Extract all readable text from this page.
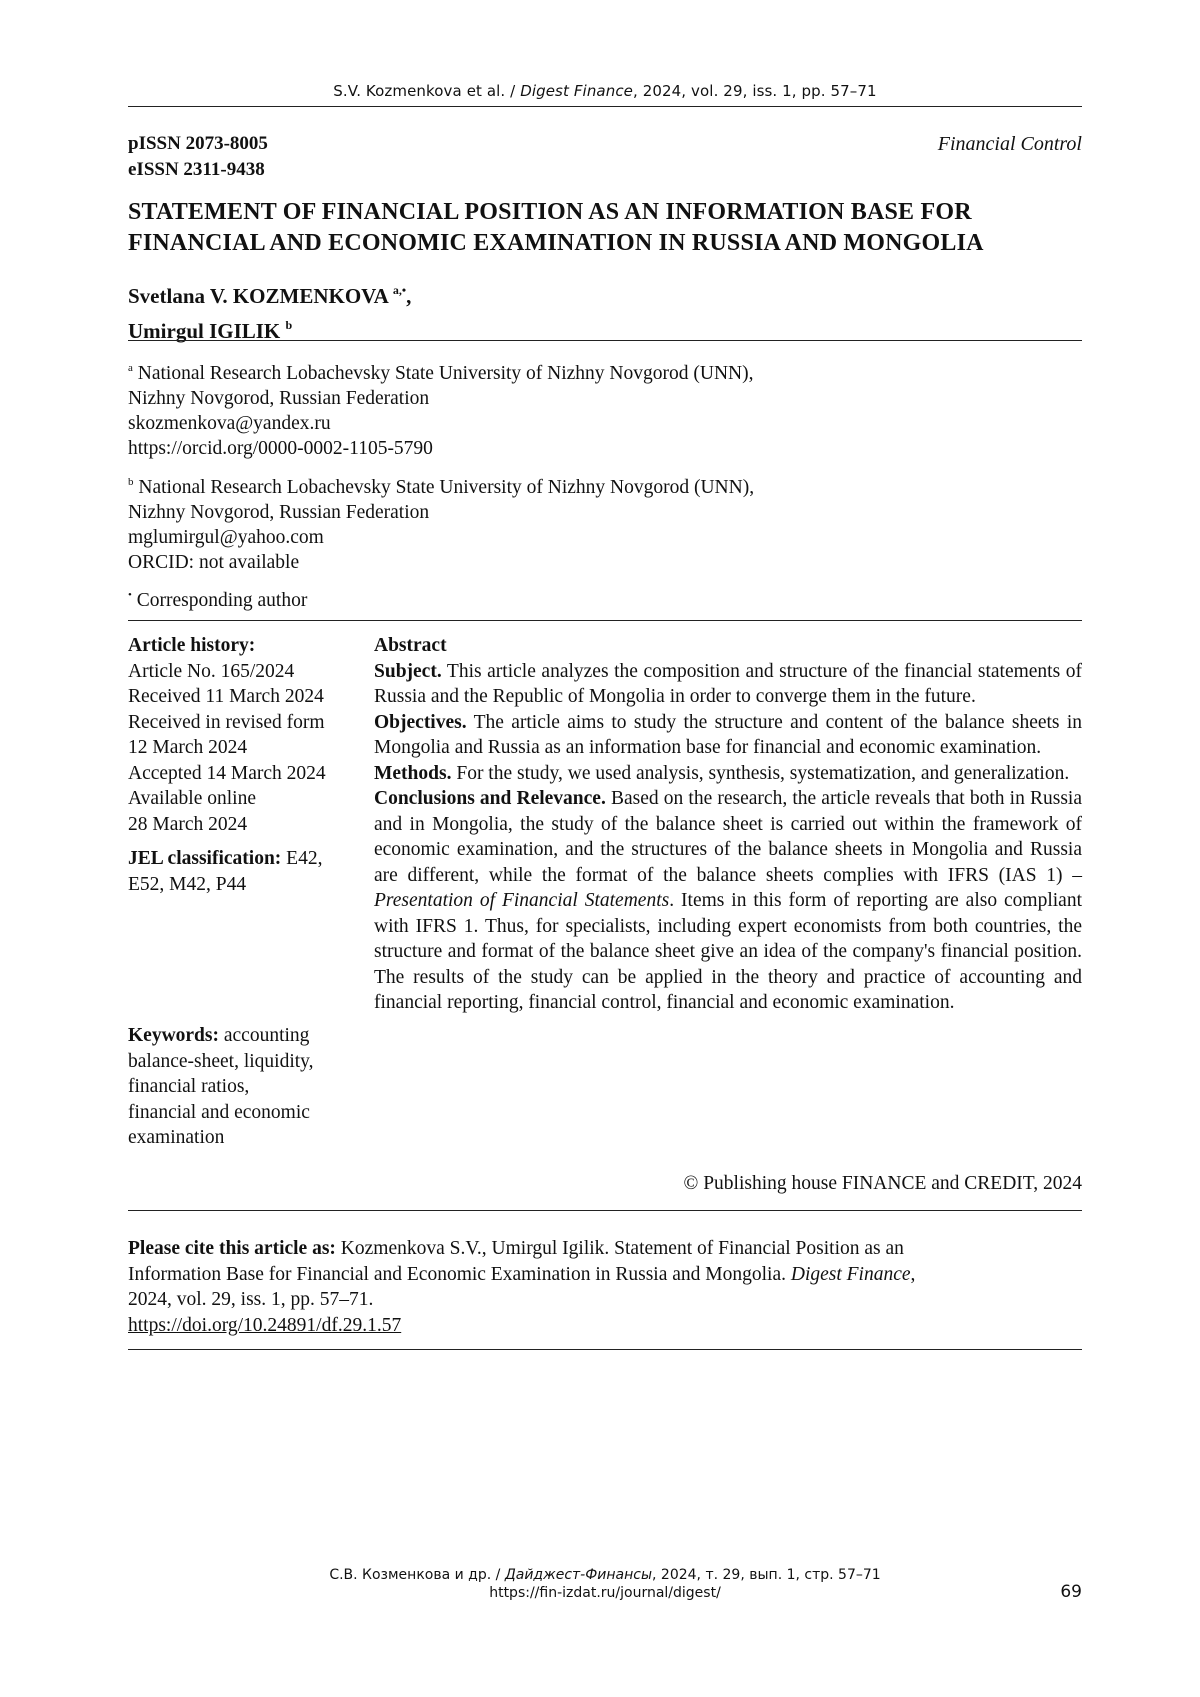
S.V. Kozmenkova et al. / Digest Finance, 2024, vol. 29, iss. 1, pp. 57–71
pISSN 2073-8005
eISSN 2311-9438
Financial Control
STATEMENT OF FINANCIAL POSITION AS AN INFORMATION BASE FOR
FINANCIAL AND ECONOMIC EXAMINATION IN RUSSIA AND MONGOLIA
Svetlana V. KOZMENKOVA $^{a,•}$,
Umirgul IGILIK $^b$
$^a$ National Research Lobachevsky State University of Nizhny Novgorod (UNN),
Nizhny Novgorod, Russian Federation
skozmenkova@yandex.ru
https://orcid.org/0000-0002-1105-5790
$^b$ National Research Lobachevsky State University of Nizhny Novgorod (UNN),
Nizhny Novgorod, Russian Federation
mglumirgul@yahoo.com
ORCID: not available
• Corresponding author
Article history:
Article No. 165/2024
Received 11 March 2024
Received in revised form
12 March 2024
Accepted 14 March 2024
Available online
28 March 2024
JEL classification: E42,
E52, M42, P44
Keywords: accounting
balance-sheet, liquidity,
financial ratios,
financial and economic
examination
Abstract

Subject. This article analyzes the composition and structure of the financial statements of Russia and the Republic of Mongolia in order to converge them in the future.

Objectives. The article aims to study the structure and content of the balance sheets in Mongolia and Russia as an information base for financial and economic examination.

Methods. For the study, we used analysis, synthesis, systematization, and generalization.

Conclusions and Relevance. Based on the research, the article reveals that both in Russia and in Mongolia, the study of the balance sheet is carried out within the framework of economic examination, and the structures of the balance sheets in Mongolia and Russia are different, while the format of the balance sheets complies with IFRS (IAS 1) – Presentation of Financial Statements. Items in this form of reporting are also compliant with IFRS 1. Thus, for specialists, including expert economists from both countries, the structure and format of the balance sheet give an idea of the company's financial position. The results of the study can be applied in the theory and practice of accounting and financial reporting, financial control, financial and economic examination.

© Publishing house FINANCE and CREDIT, 2024
Please cite this article as: Kozmenkova S.V., Umirgul Igilik. Statement of Financial Position as an
Information Base for Financial and Economic Examination in Russia and Mongolia. Digest Finance,
2024, vol. 29, iss. 1, pp. 57–71.
https://doi.org/10.24891/df.29.1.57
С.В. Козменкова и др. / Дайджест-Финансы, 2024, т. 29, вып. 1, стр. 57–71
https://fin-izdat.ru/journal/digest/	69
